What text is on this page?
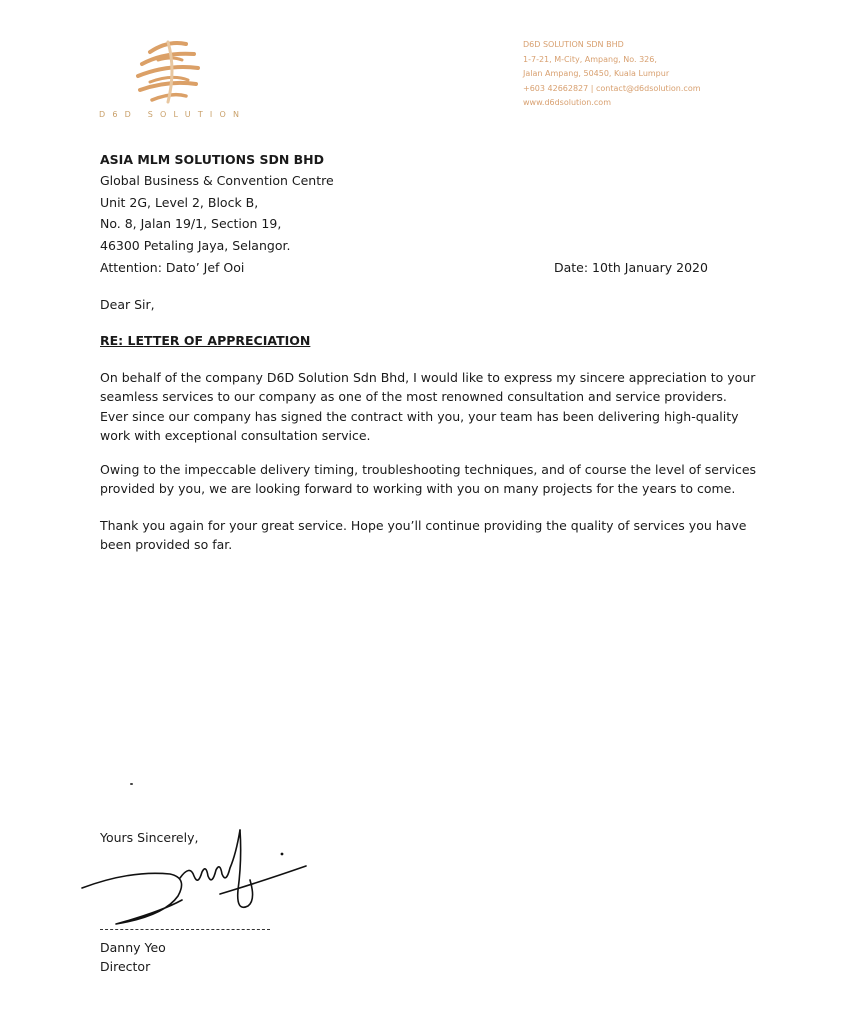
D6D SOLUTION
D6D SOLUTION SDN BHD
1-7-21, M-City, Ampang, No. 326,
Jalan Ampang, 50450, Kuala Lumpur
+603 42662827 | contact@d6dsolution.com
www.d6dsolution.com
ASIA MLM SOLUTIONS SDN BHD
Global Business & Convention Centre
Unit 2G, Level 2, Block B,
No. 8, Jalan 19/1, Section 19,
46300 Petaling Jaya, Selangor.
Attention: Dato’ Jef Ooi	Date: 10th January 2020
Dear Sir,
RE: LETTER OF APPRECIATION
On behalf of the company D6D Solution Sdn Bhd, I would like to express my sincere appreciation to your
seamless services to our company as one of the most renowned consultation and service providers.
Ever since our company has signed the contract with you, your team has been delivering high-quality
work with exceptional consultation service.
Owing to the impeccable delivery timing, troubleshooting techniques, and of course the level of services
provided by you, we are looking forward to working with you on many projects for the years to come.
Thank you again for your great service. Hope you’ll continue providing the quality of services you have
been provided so far.
Yours Sincerely,
Danny Yeo
Director
